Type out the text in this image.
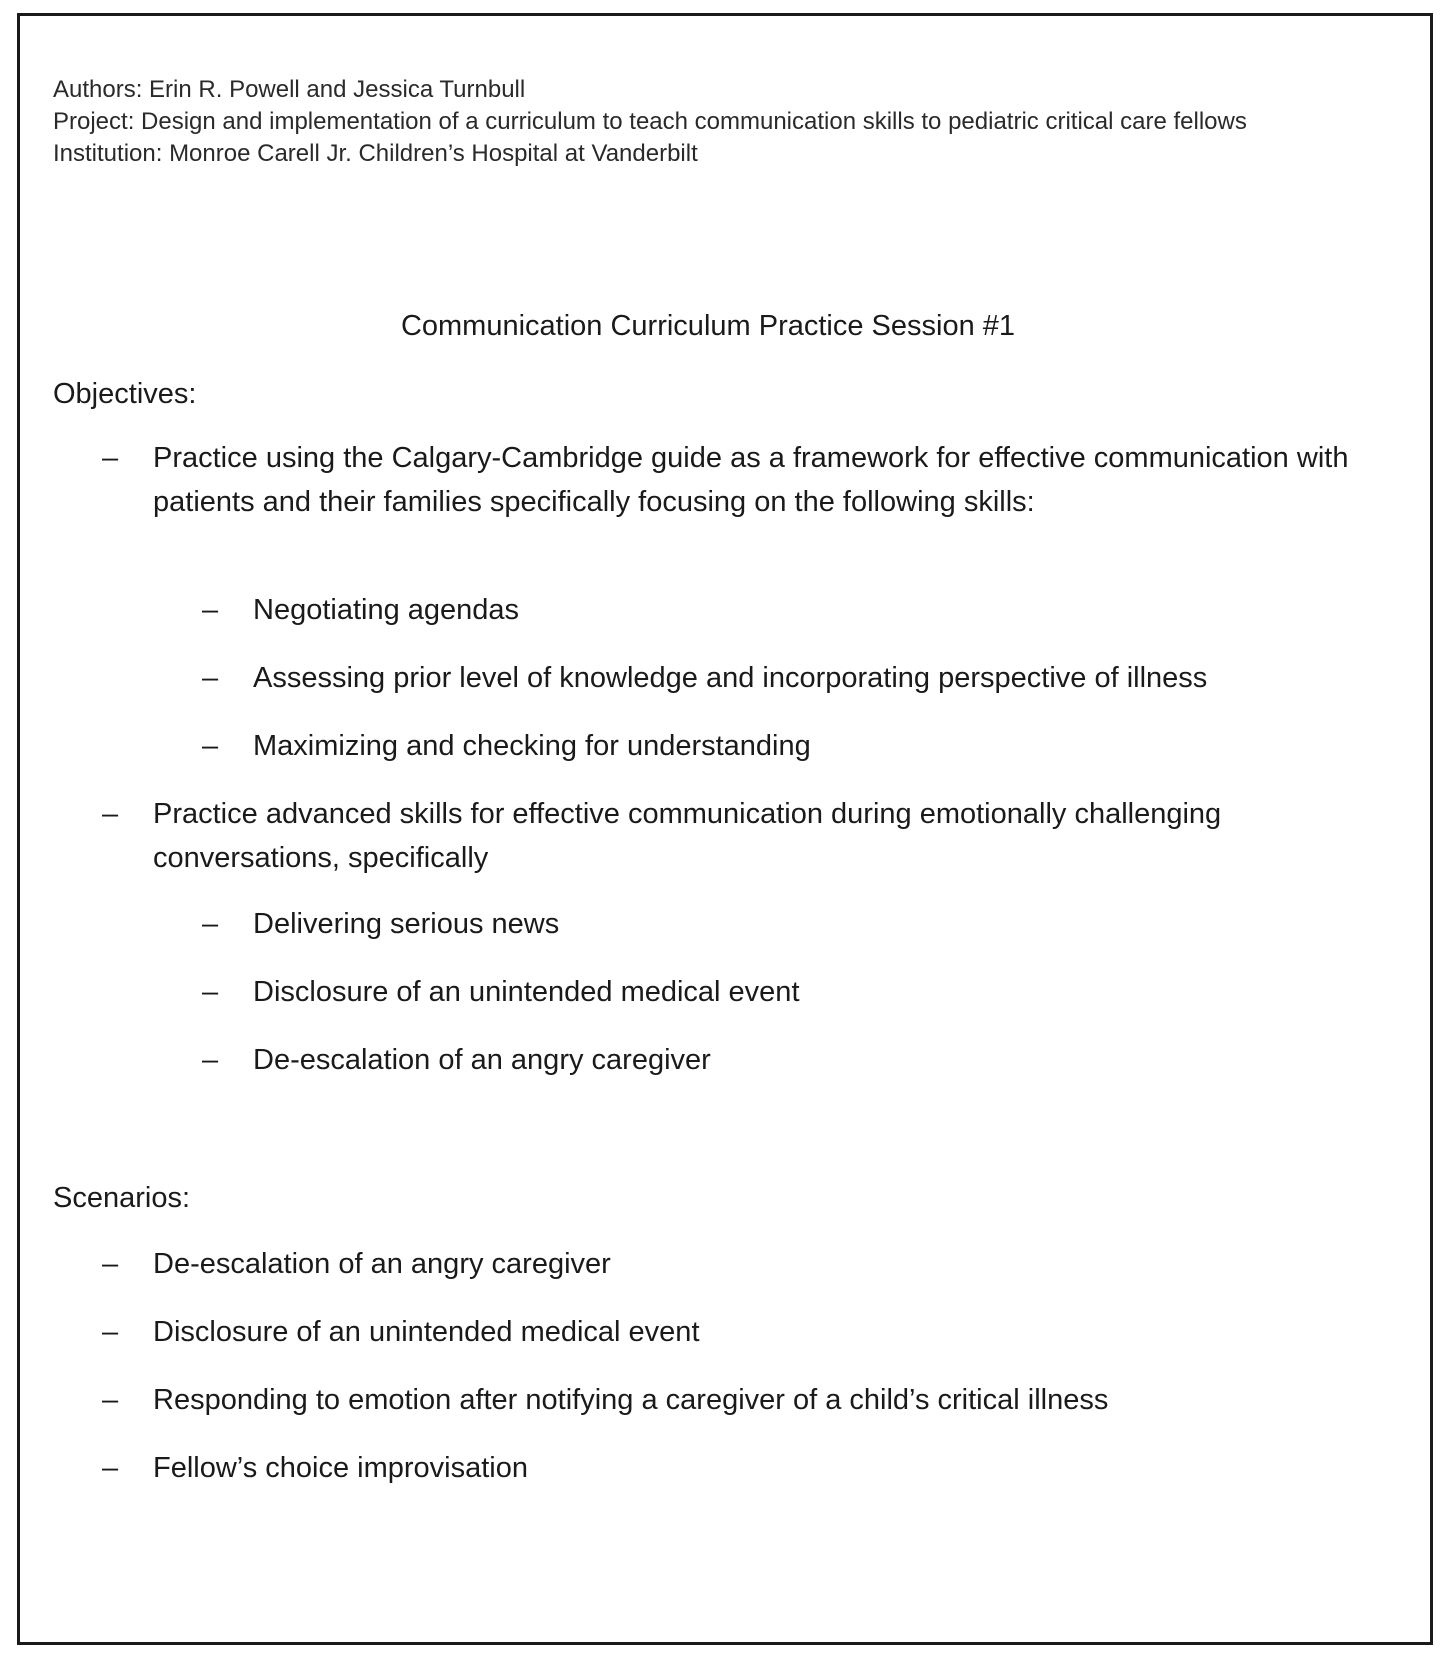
Authors: Erin R. Powell and Jessica Turnbull
Project: Design and implementation of a curriculum to teach communication skills to pediatric critical care fellows
Institution: Monroe Carell Jr. Children’s Hospital at Vanderbilt
Communication Curriculum Practice Session #1
Objectives:
– Practice using the Calgary-Cambridge guide as a framework for effective communication with patients and their families specifically focusing on the following skills:
– Negotiating agendas
– Assessing prior level of knowledge and incorporating perspective of illness
– Maximizing and checking for understanding
– Practice advanced skills for effective communication during emotionally challenging conversations, specifically
– Delivering serious news
– Disclosure of an unintended medical event
– De-escalation of an angry caregiver
Scenarios:
– De-escalation of an angry caregiver
– Disclosure of an unintended medical event
– Responding to emotion after notifying a caregiver of a child’s critical illness
– Fellow’s choice improvisation
